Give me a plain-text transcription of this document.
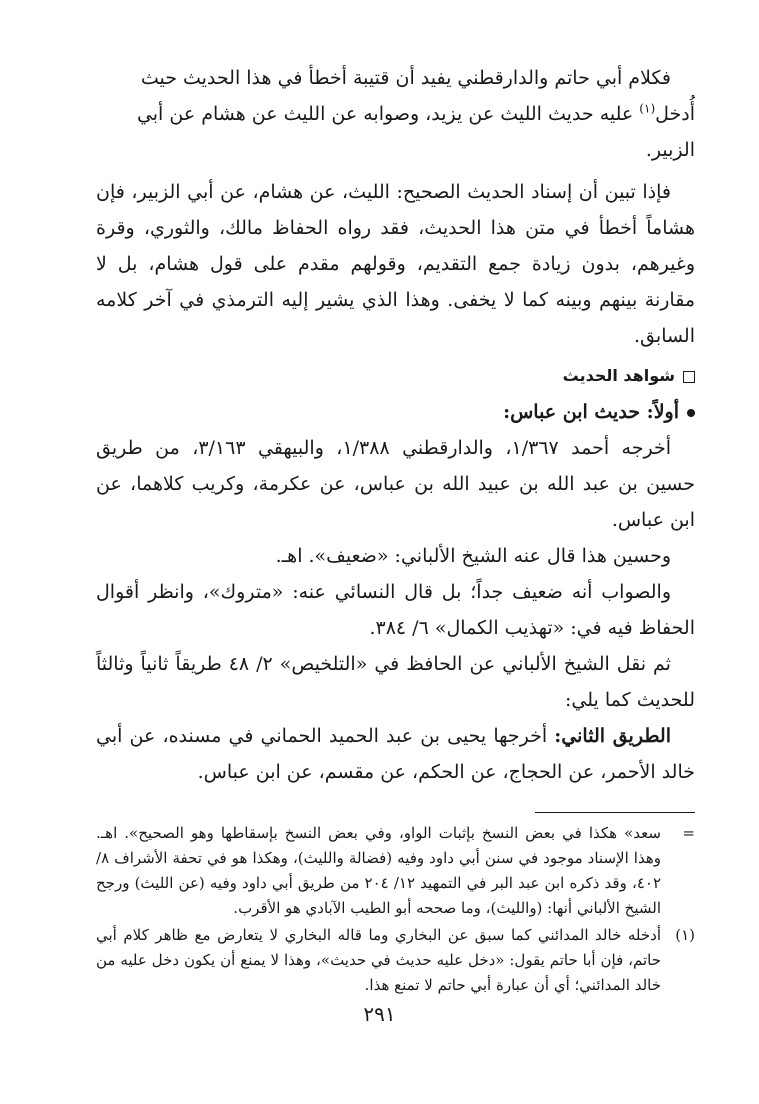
فكلام أبي حاتم والدارقطني يفيد أن قتيبة أخطأ في هذا الحديث حيث
أُدخل$^{(١)}$ عليه حديث الليث عن يزيد، وصوابه عن الليث عن هشام عن أبي
الزبير.

فإذا تبين أن إسناد الحديث الصحيح: الليث، عن هشام، عن أبي الزبير، فإن هشاماً أخطأ في متن هذا الحديث، فقد رواه الحفاظ مالك، والثوري، وقرة وغيرهم، بدون زيادة جمع التقديم، وقولهم مقدم على قول هشام، بل لا مقارنة بينهم وبينه كما لا يخفى. وهذا الذي يشير إليه الترمذي في آخر كلامه السابق.

شواهد الحديث

أولاً: حديث ابن عباس:

أخرجه أحمد ١/٣٦٧، والدارقطني ١/٣٨٨، والبيهقي ٣/١٦٣، من طريق حسين بن عبد الله بن عبيد الله بن عباس، عن عكرمة، وكريب كلاهما، عن ابن عباس.

وحسين هذا قال عنه الشيخ الألباني: «ضعيف». اهـ.

والصواب أنه ضعيف جداً؛ بل قال النسائي عنه: «متروك»، وانظر أقوال الحفاظ فيه في: «تهذيب الكمال» ٦/ ٣٨٤.

ثم نقل الشيخ الألباني عن الحافظ في «التلخيص» ٢/ ٤٨ طريقاً ثانياً وثالثاً للحديث كما يلي:

الطريق الثاني: أخرجها يحيى بن عبد الحميد الحماني في مسنده، عن أبي خالد الأحمر، عن الحجاج، عن الحكم، عن مقسم، عن ابن عباس.

=
سعد» هكذا في بعض النسخ بإثبات الواو، وفي بعض النسخ بإسقاطها وهو الصحيح». اهـ. وهذا الإسناد موجود في سنن أبي داود وفيه (فضالة والليث)، وهكذا هو في تحفة الأشراف ٨/ ٤٠٢، وقد ذكره ابن عبد البر في التمهيد ١٢/ ٢٠٤ من طريق أبي داود وفيه (عن الليث) ورجح الشيخ الألباني أنها: (والليث)، وما صححه أبو الطيب الآبادي هو الأقرب.
(١)
أدخله خالد المدائني كما سبق عن البخاري وما قاله البخاري لا يتعارض مع ظاهر كلام أبي حاتم، فإن أبا حاتم يقول: «دخل عليه حديث في حديث»، وهذا لا يمنع أن يكون دخل عليه من خالد المدائني؛ أي أن عبارة أبي حاتم لا تمنع هذا.
٢٩١
